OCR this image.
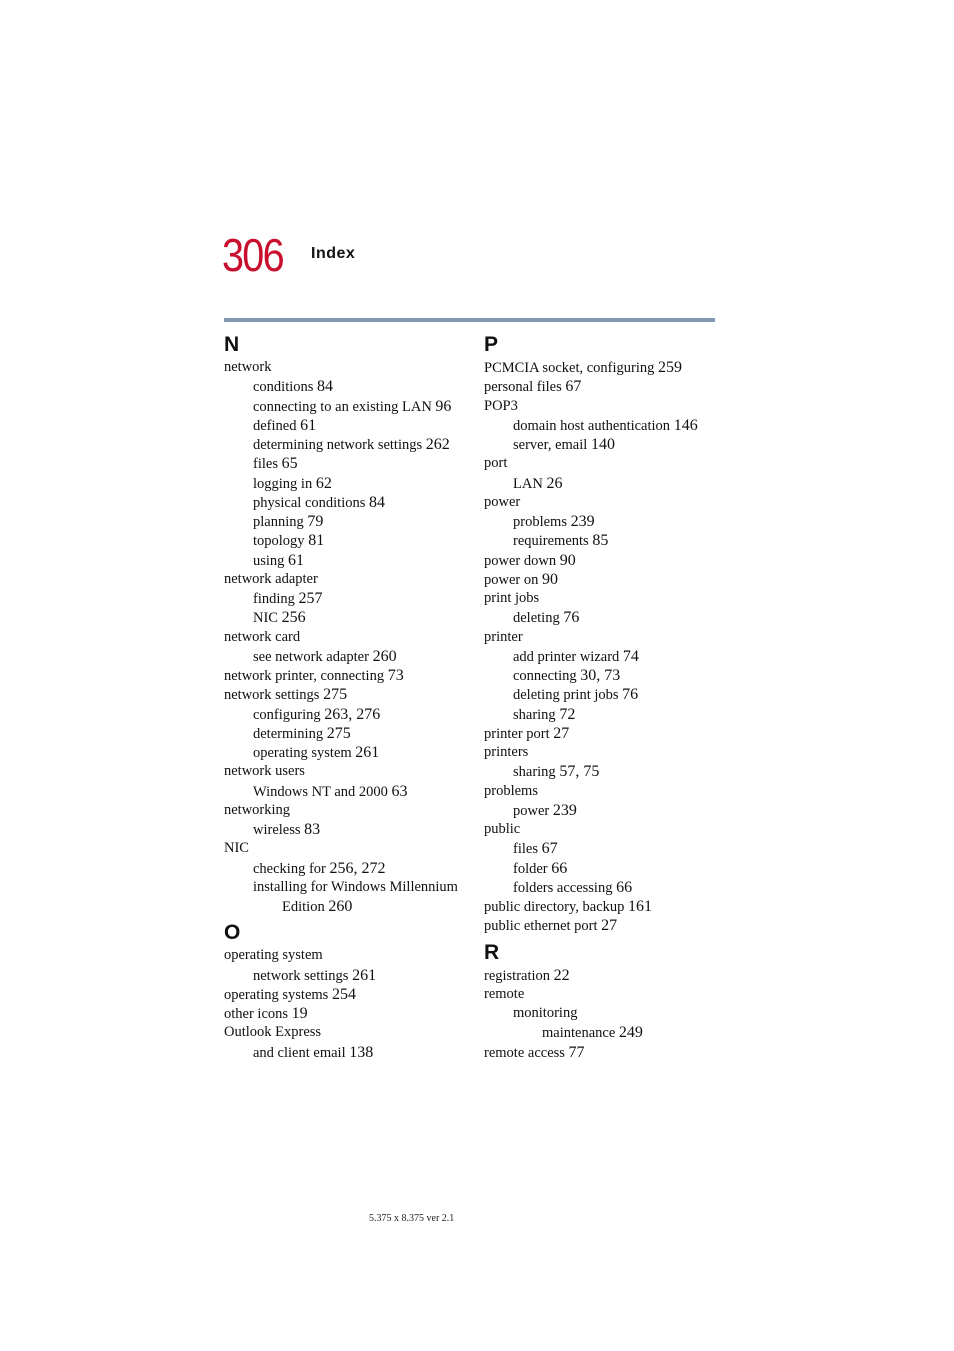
306 Index
N
network
conditions 84
connecting to an existing LAN 96
defined 61
determining network settings 262
files 65
logging in 62
physical conditions 84
planning 79
topology 81
using 61
network adapter
finding 257
NIC 256
network card
see network adapter 260
network printer, connecting 73
network settings 275
configuring 263, 276
determining 275
operating system 261
network users
Windows NT and 2000 63
networking
wireless 83
NIC
checking for 256, 272
installing for Windows Millennium
Edition 260
O
operating system
network settings 261
operating systems 254
other icons 19
Outlook Express
and client email 138
P
PCMCIA socket, configuring 259
personal files 67
POP3
domain host authentication 146
server, email 140
port
LAN 26
power
problems 239
requirements 85
power down 90
power on 90
print jobs
deleting 76
printer
add printer wizard 74
connecting 30, 73
deleting print jobs 76
sharing 72
printer port 27
printers
sharing 57, 75
problems
power 239
public
files 67
folder 66
folders accessing 66
public directory, backup 161
public ethernet port 27
R
registration 22
remote
monitoring
maintenance 249
remote access 77
5.375 x 8.375 ver 2.1
